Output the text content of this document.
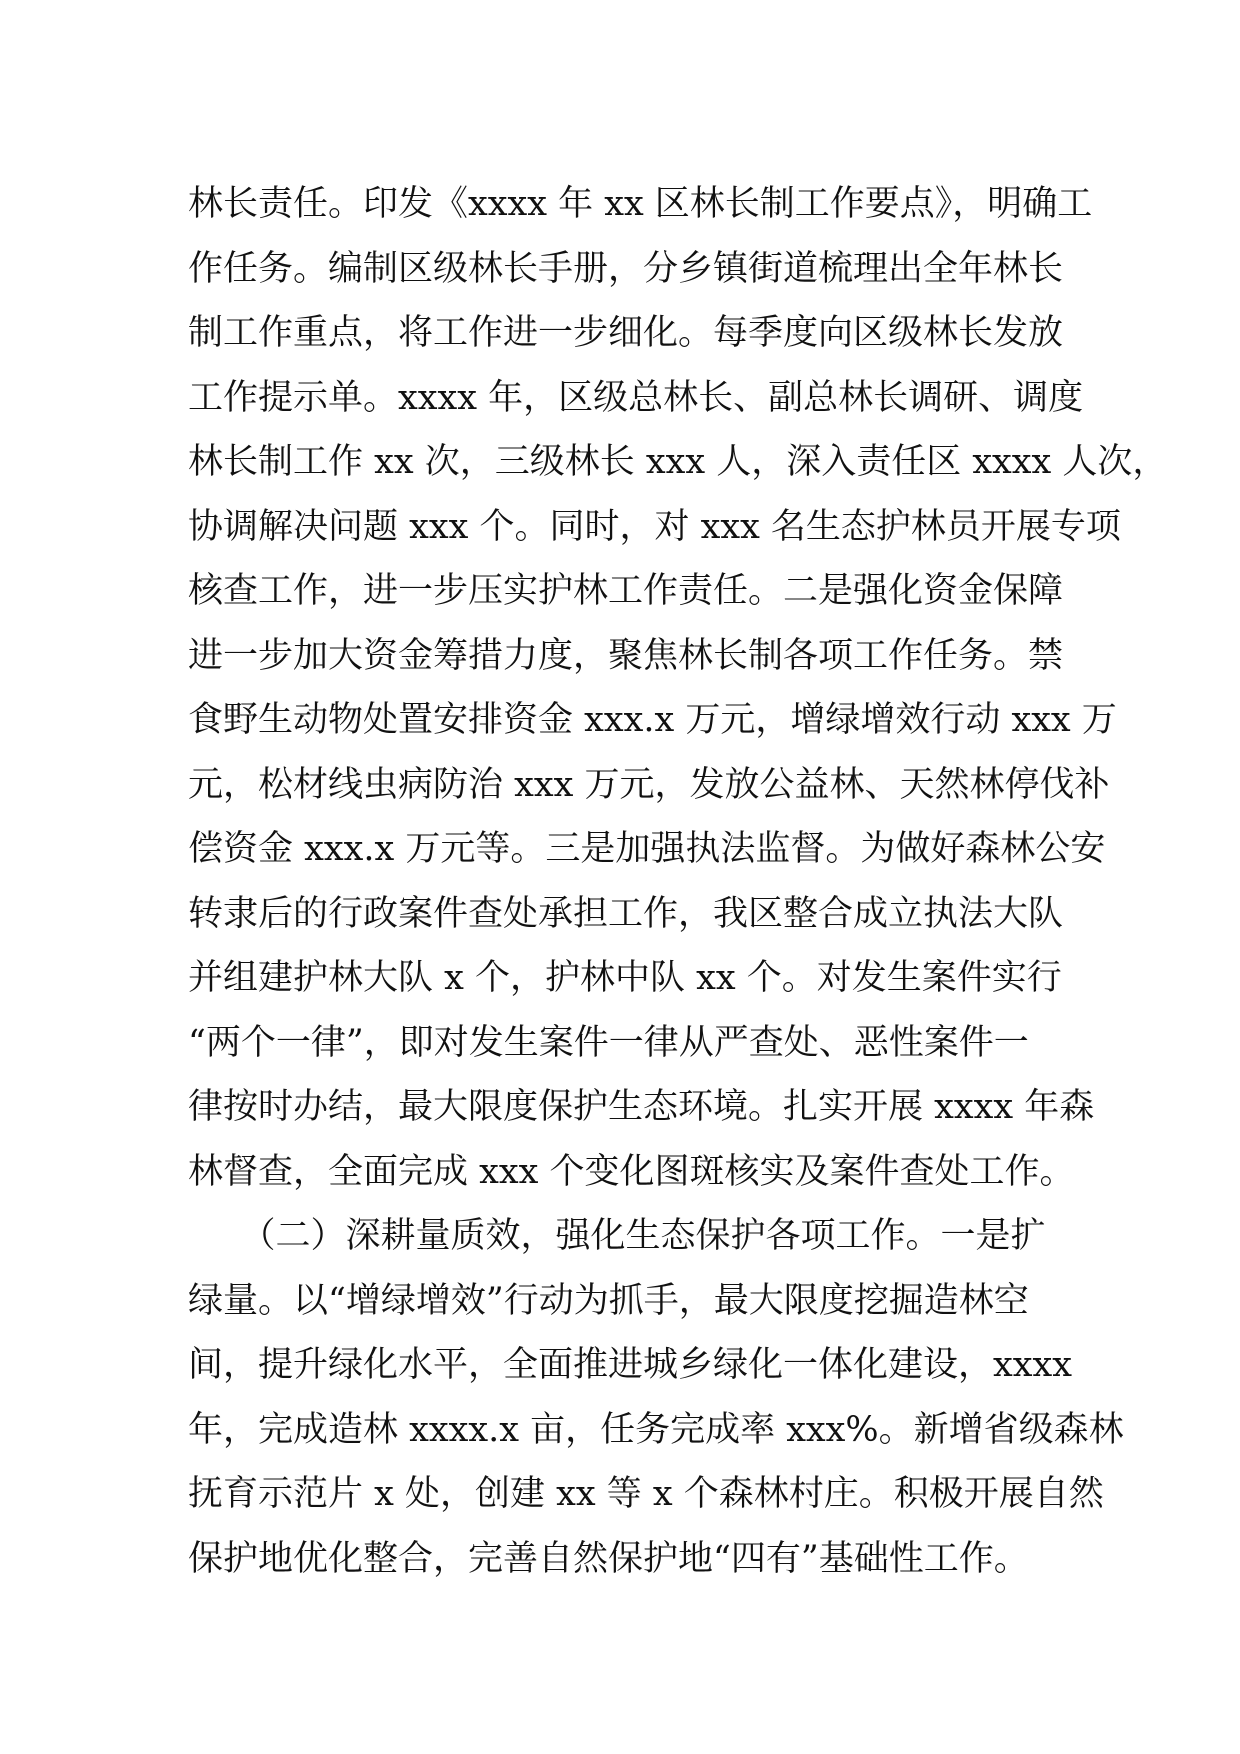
林长责任。印发《xxxx 年 xx 区林长制工作要点》，明确工
作任务。编制区级林长手册，分乡镇街道梳理出全年林长
制工作重点，将工作进一步细化。每季度向区级林长发放
工作提示单。xxxx 年，区级总林长、副总林长调研、调度
林长制工作 xx 次，三级林长 xxx 人，深入责任区 xxxx 人次，
协调解决问题 xxx 个。同时，对 xxx 名生态护林员开展专项
核查工作，进一步压实护林工作责任。二是强化资金保障
进一步加大资金筹措力度，聚焦林长制各项工作任务。禁
食野生动物处置安排资金 xxx.x 万元，增绿增效行动 xxx 万
元，松材线虫病防治 xxx 万元，发放公益林、天然林停伐补
偿资金 xxx.x 万元等。三是加强执法监督。为做好森林公安
转隶后的行政案件查处承担工作，我区整合成立执法大队
并组建护林大队 x 个，护林中队 xx 个。对发生案件实行
“两个一律”，即对发生案件一律从严查处、恶性案件一
律按时办结，最大限度保护生态环境。扎实开展 xxxx 年森
林督查，全面完成 xxx 个变化图斑核实及案件查处工作。
　　（二）深耕量质效，强化生态保护各项工作。一是扩
绿量。以“增绿增效”行动为抓手，最大限度挖掘造林空
间，提升绿化水平，全面推进城乡绿化一体化建设，xxxx
年，完成造林 xxxx.x 亩，任务完成率 xxx%。新增省级森林
抚育示范片 x 处，创建 xx 等 x 个森林村庄。积极开展自然
保护地优化整合，完善自然保护地“四有”基础性工作。
